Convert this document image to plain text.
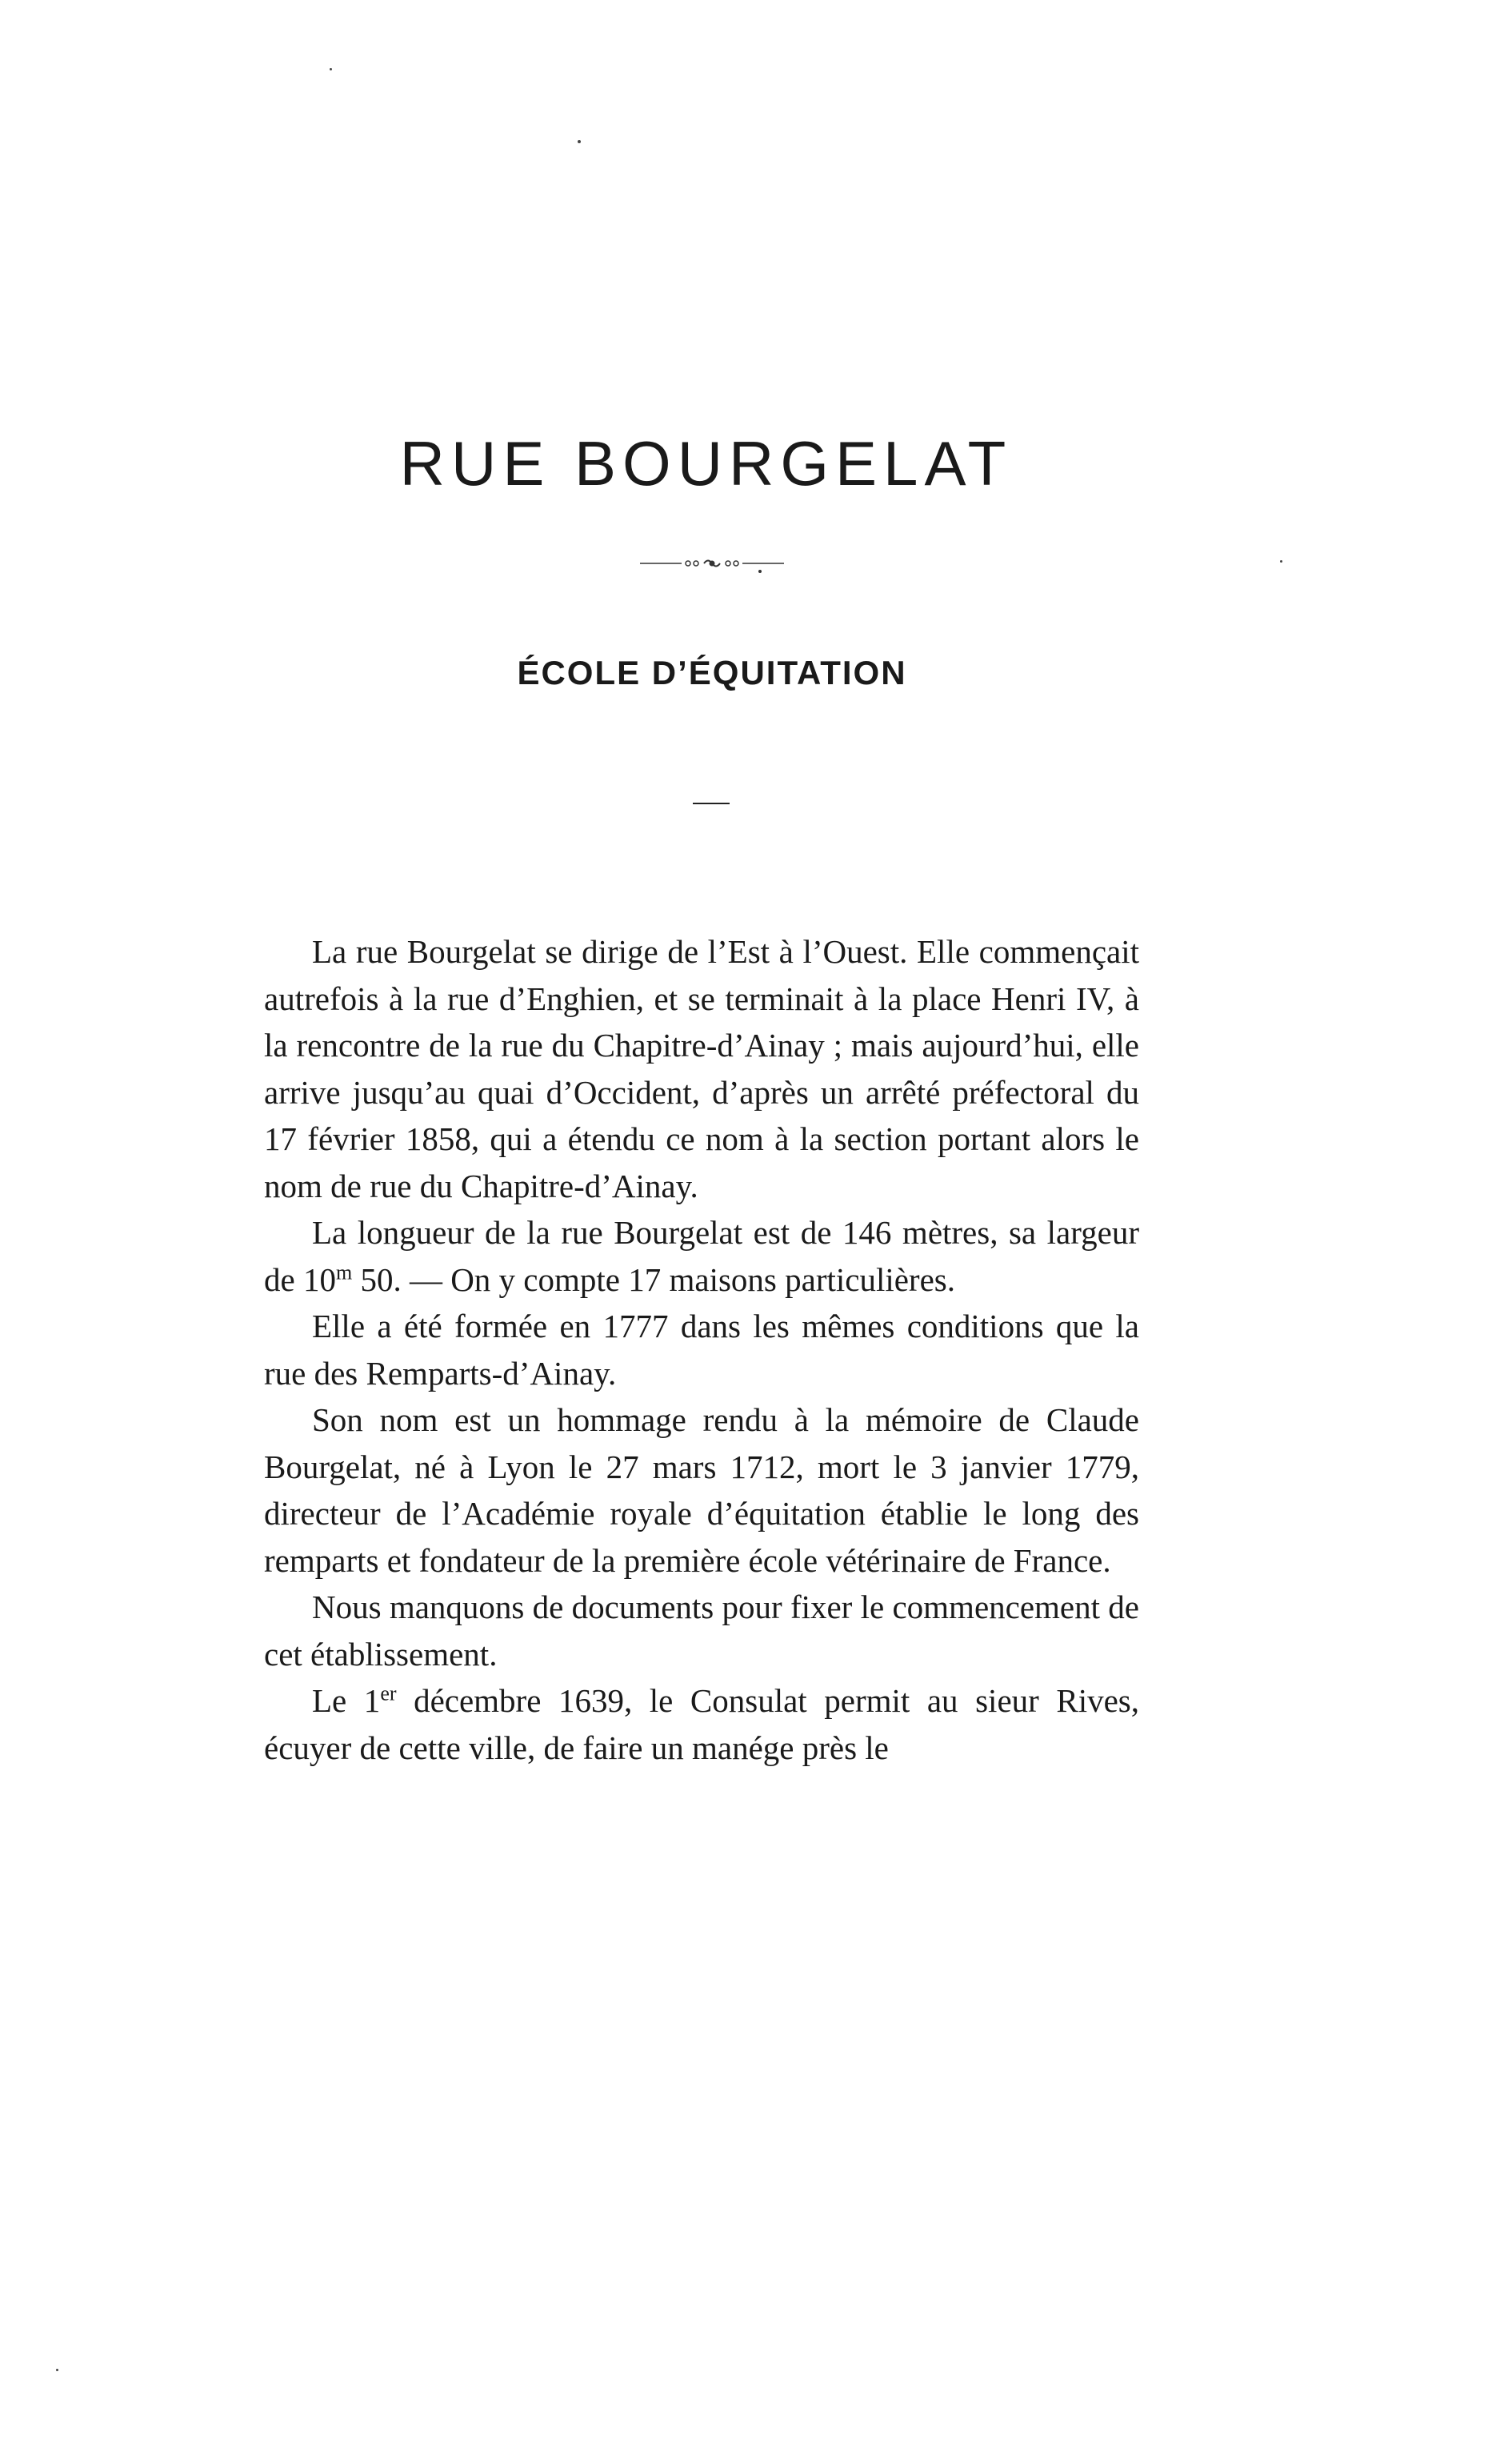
RUE BOURGELAT
ÉCOLE D’ÉQUITATION

La rue Bourgelat se dirige de l’Est à l’Ouest. Elle commençait autrefois à la rue d’Enghien, et se terminait à la place Henri IV, à la rencontre de la rue du Chapitre-d’Ainay ; mais aujourd’hui, elle arrive jusqu’au quai d’Occident, d’après un arrêté préfectoral du 17 février 1858, qui a étendu ce nom à la section portant alors le nom de rue du Chapitre-d’Ainay.

La longueur de la rue Bourgelat est de 146 mètres, sa largeur de 10$^m$ 50. — On y compte 17 maisons particulières.

Elle a été formée en 1777 dans les mêmes conditions que la rue des Remparts-d’Ainay.

Son nom est un hommage rendu à la mémoire de Claude Bourgelat, né à Lyon le 27 mars 1712, mort le 3 janvier 1779, directeur de l’Académie royale d’équitation établie le long des remparts et fondateur de la première école vétérinaire de France.

Nous manquons de documents pour fixer le commencement de cet établissement.

Le 1er décembre 1639, le Consulat permit au sieur Rives, écuyer de cette ville, de faire un manége près le
